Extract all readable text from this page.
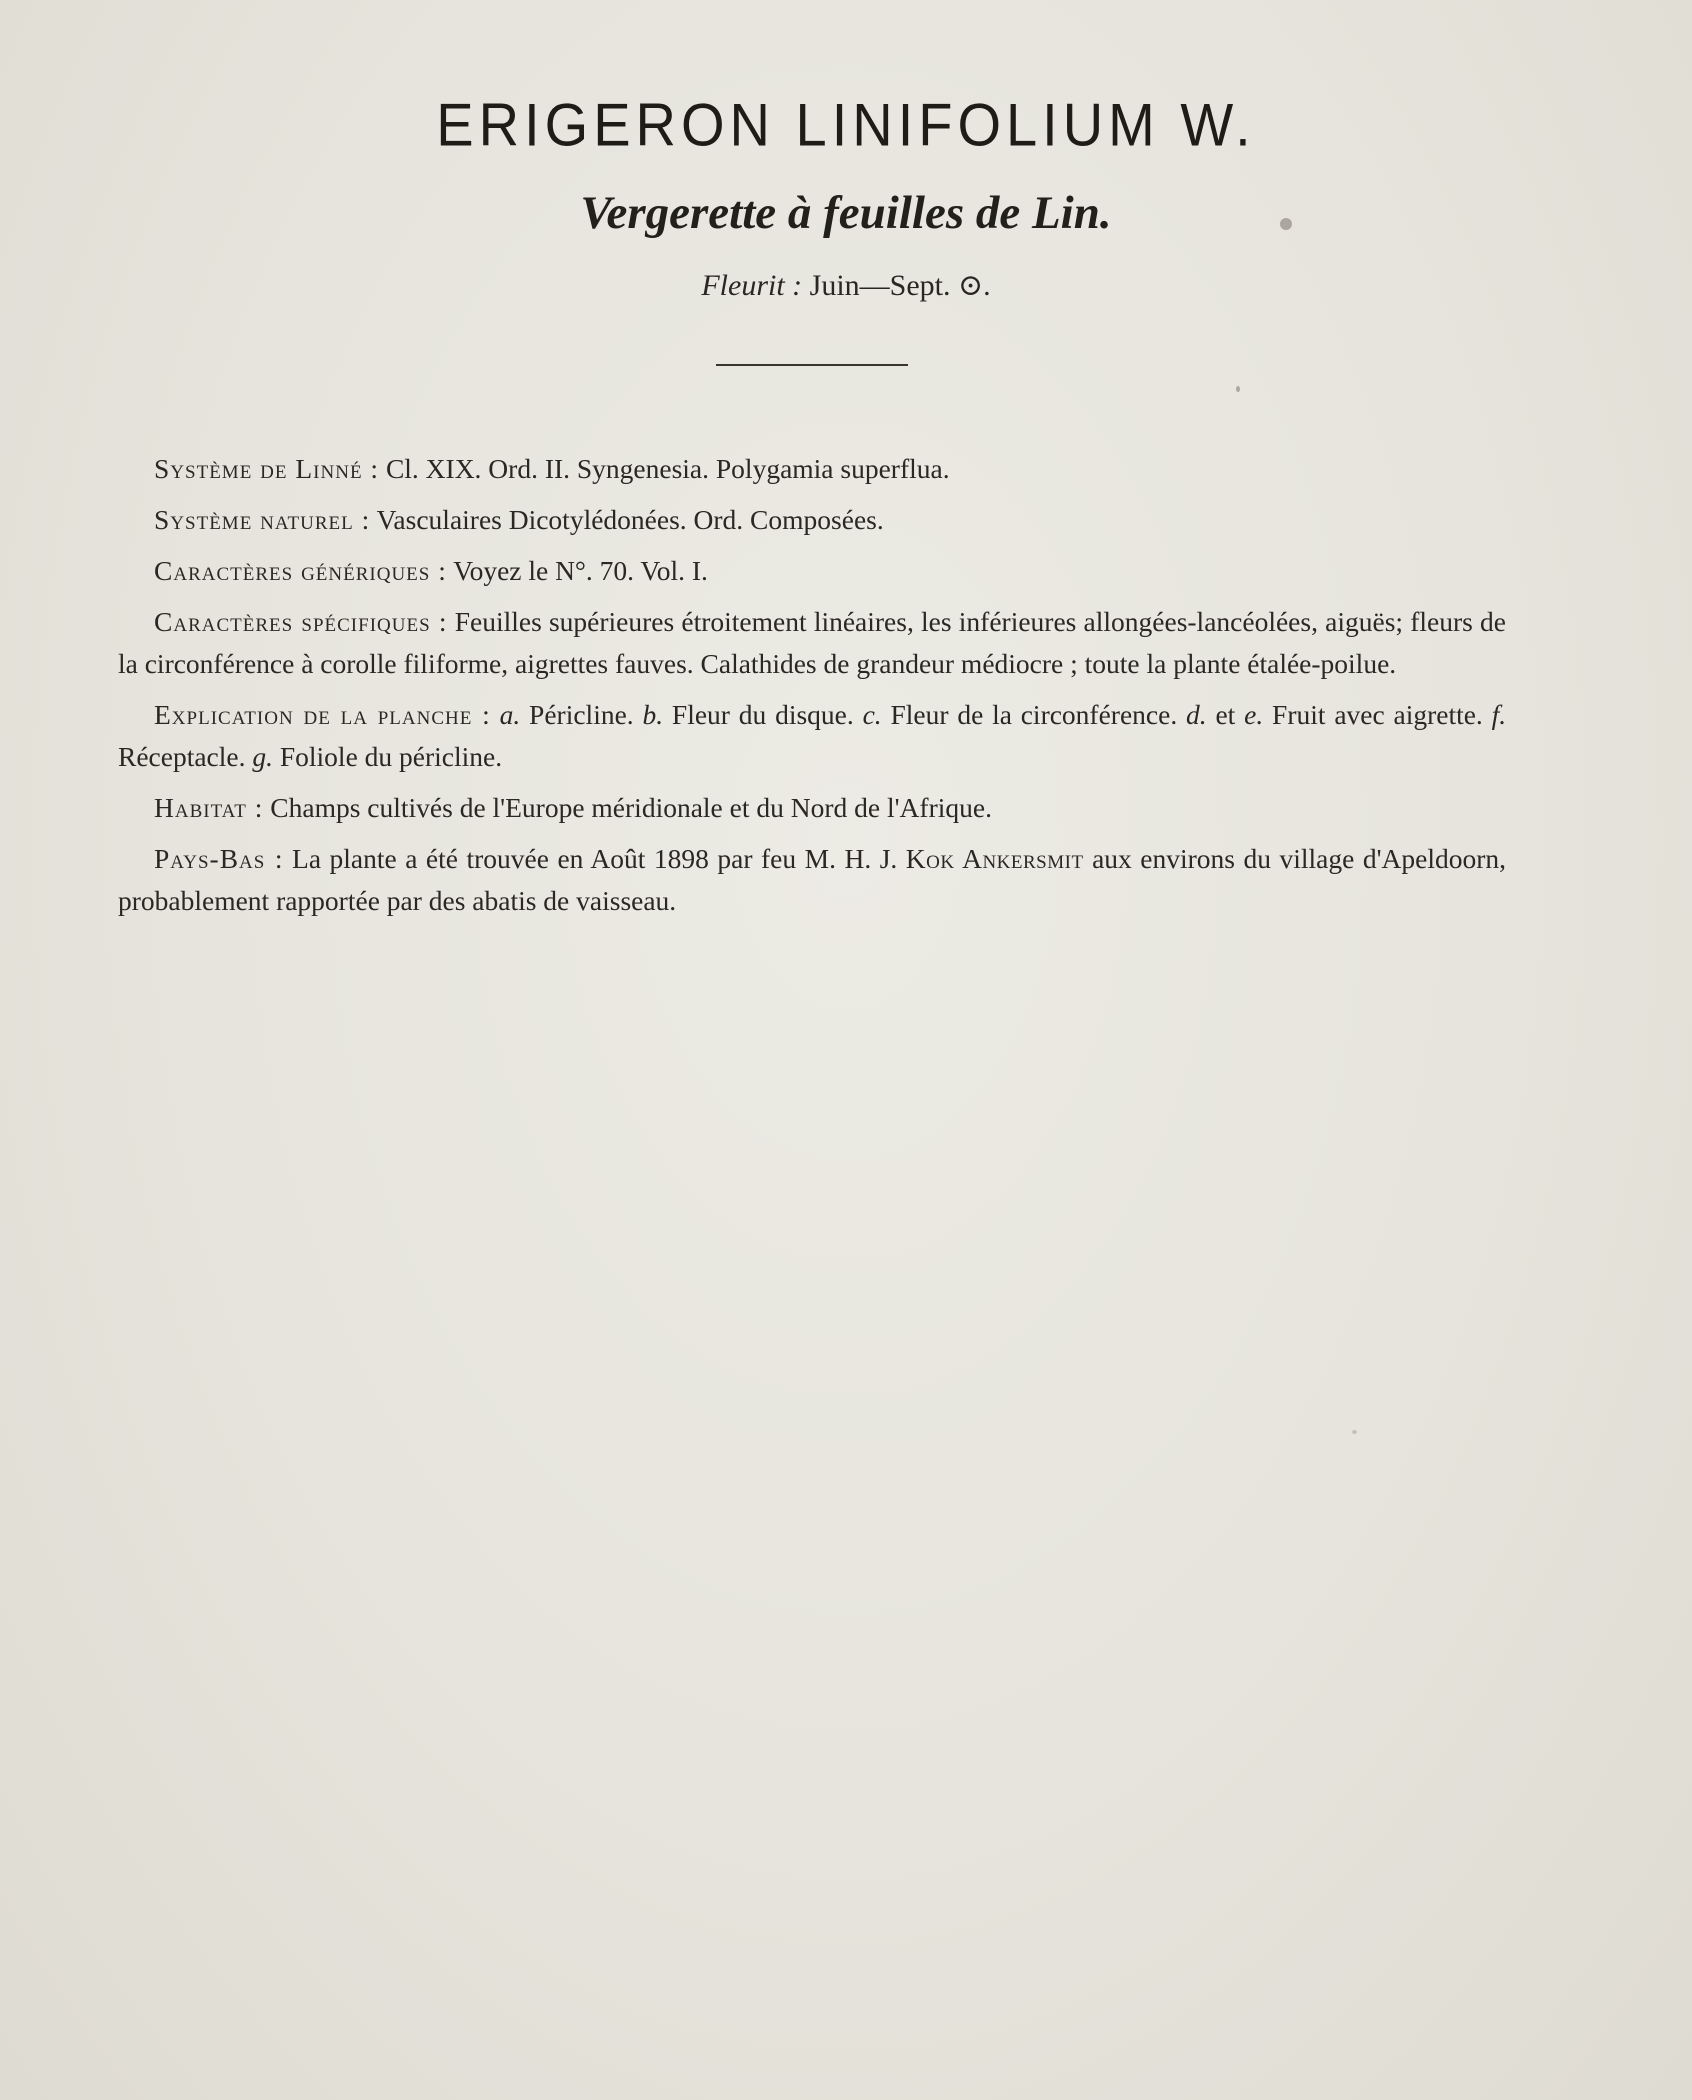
ERIGERON LINIFOLIUM W.
Vergerette à feuilles de Lin.

Fleurit : Juin—Sept. ⊙.

Système de Linné : Cl. XIX. Ord. II. Syngenesia. Polygamia superflua.

Système naturel : Vasculaires Dicotylédonées. Ord. Composées.

Caractères génériques : Voyez le N°. 70. Vol. I.

Caractères spécifiques : Feuilles supérieures étroitement linéaires, les inférieures allongées-lancéolées, aiguës; fleurs de la circonférence à corolle filiforme, aigrettes fauves. Calathides de grandeur médiocre ; toute la plante étalée-poilue.

Explication de la planche : a. Péricline. b. Fleur du disque. c. Fleur de la circonférence. d. et e. Fruit avec aigrette. f. Réceptacle. g. Foliole du péricline.

Habitat : Champs cultivés de l'Europe méridionale et du Nord de l'Afrique.

Pays-Bas : La plante a été trouvée en Août 1898 par feu M. H. J. Kok Ankersmit aux environs du village d'Apeldoorn, probablement rapportée par des abatis de vaisseau.
